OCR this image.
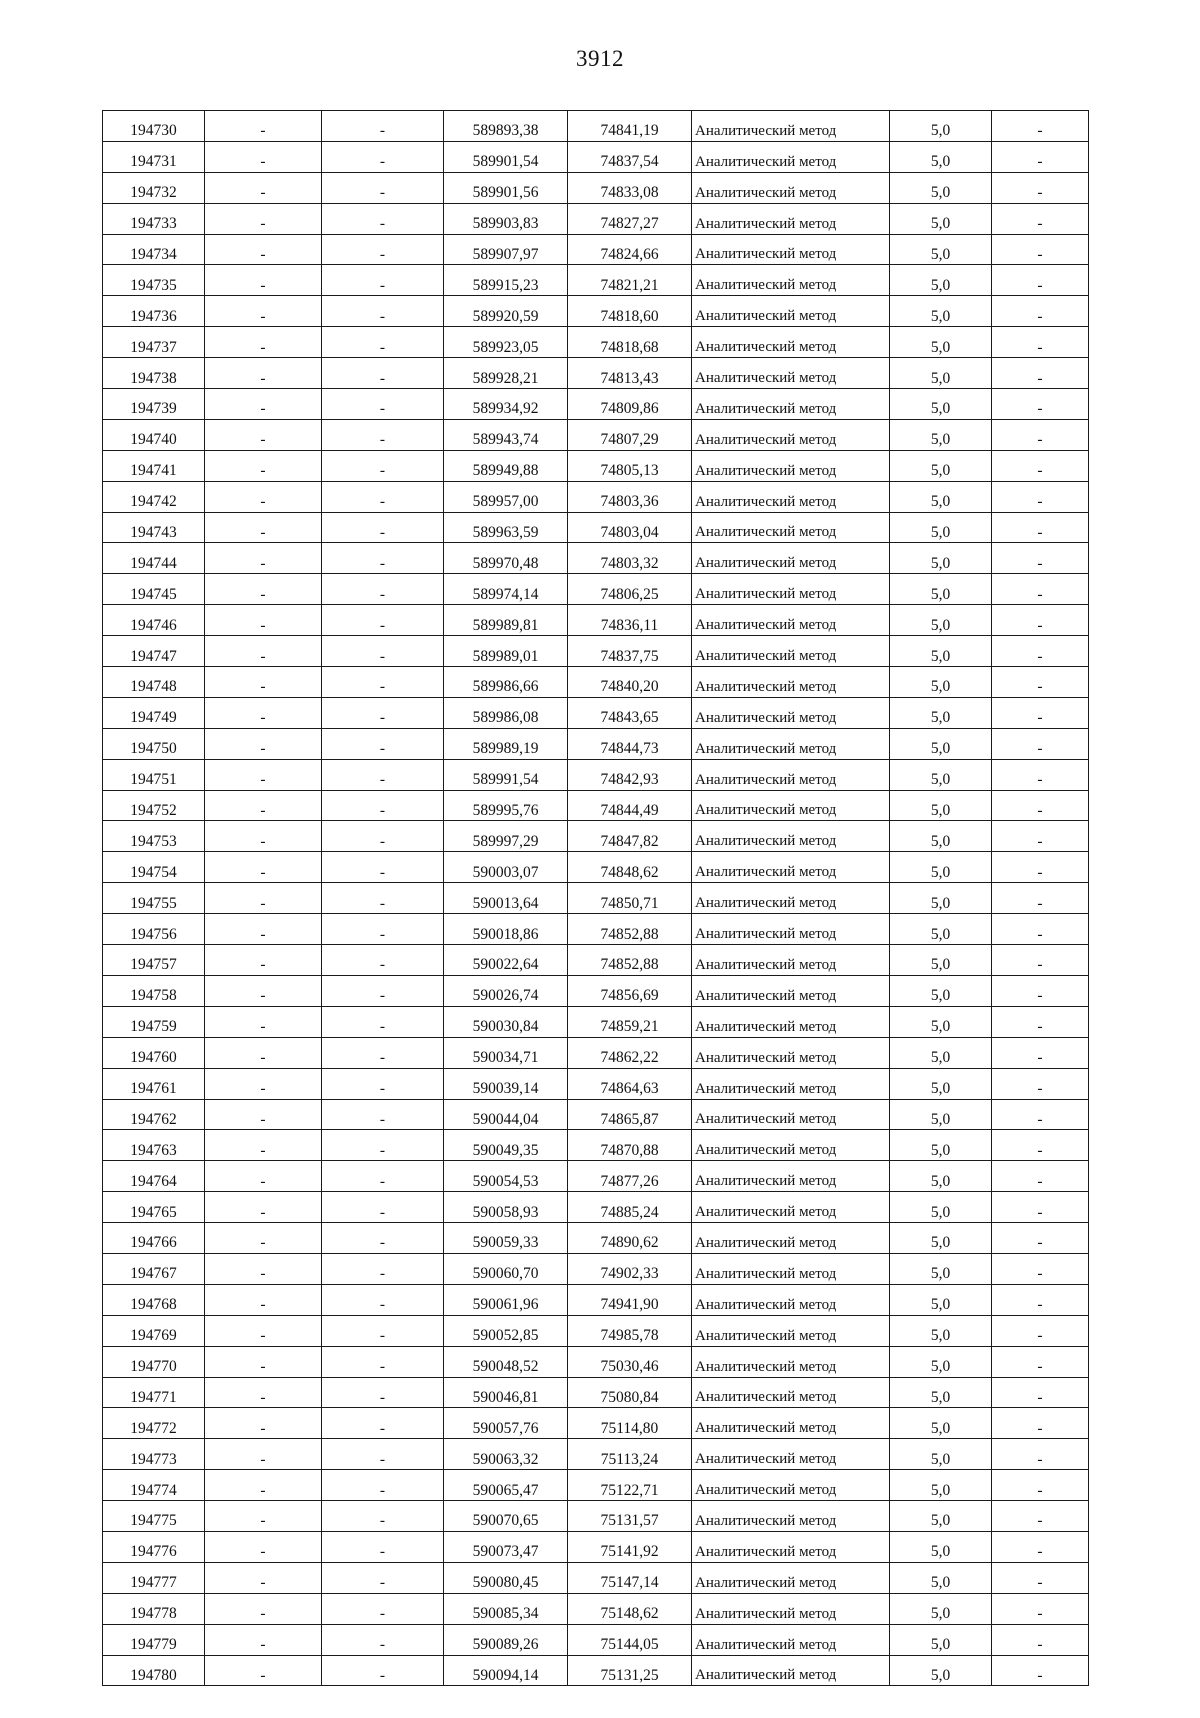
3912
194730	-	-	589893,38	74841,19	Аналитический метод	5,0	-
194731	-	-	589901,54	74837,54	Аналитический метод	5,0	-
194732	-	-	589901,56	74833,08	Аналитический метод	5,0	-
194733	-	-	589903,83	74827,27	Аналитический метод	5,0	-
194734	-	-	589907,97	74824,66	Аналитический метод	5,0	-
194735	-	-	589915,23	74821,21	Аналитический метод	5,0	-
194736	-	-	589920,59	74818,60	Аналитический метод	5,0	-
194737	-	-	589923,05	74818,68	Аналитический метод	5,0	-
194738	-	-	589928,21	74813,43	Аналитический метод	5,0	-
194739	-	-	589934,92	74809,86	Аналитический метод	5,0	-
194740	-	-	589943,74	74807,29	Аналитический метод	5,0	-
194741	-	-	589949,88	74805,13	Аналитический метод	5,0	-
194742	-	-	589957,00	74803,36	Аналитический метод	5,0	-
194743	-	-	589963,59	74803,04	Аналитический метод	5,0	-
194744	-	-	589970,48	74803,32	Аналитический метод	5,0	-
194745	-	-	589974,14	74806,25	Аналитический метод	5,0	-
194746	-	-	589989,81	74836,11	Аналитический метод	5,0	-
194747	-	-	589989,01	74837,75	Аналитический метод	5,0	-
194748	-	-	589986,66	74840,20	Аналитический метод	5,0	-
194749	-	-	589986,08	74843,65	Аналитический метод	5,0	-
194750	-	-	589989,19	74844,73	Аналитический метод	5,0	-
194751	-	-	589991,54	74842,93	Аналитический метод	5,0	-
194752	-	-	589995,76	74844,49	Аналитический метод	5,0	-
194753	-	-	589997,29	74847,82	Аналитический метод	5,0	-
194754	-	-	590003,07	74848,62	Аналитический метод	5,0	-
194755	-	-	590013,64	74850,71	Аналитический метод	5,0	-
194756	-	-	590018,86	74852,88	Аналитический метод	5,0	-
194757	-	-	590022,64	74852,88	Аналитический метод	5,0	-
194758	-	-	590026,74	74856,69	Аналитический метод	5,0	-
194759	-	-	590030,84	74859,21	Аналитический метод	5,0	-
194760	-	-	590034,71	74862,22	Аналитический метод	5,0	-
194761	-	-	590039,14	74864,63	Аналитический метод	5,0	-
194762	-	-	590044,04	74865,87	Аналитический метод	5,0	-
194763	-	-	590049,35	74870,88	Аналитический метод	5,0	-
194764	-	-	590054,53	74877,26	Аналитический метод	5,0	-
194765	-	-	590058,93	74885,24	Аналитический метод	5,0	-
194766	-	-	590059,33	74890,62	Аналитический метод	5,0	-
194767	-	-	590060,70	74902,33	Аналитический метод	5,0	-
194768	-	-	590061,96	74941,90	Аналитический метод	5,0	-
194769	-	-	590052,85	74985,78	Аналитический метод	5,0	-
194770	-	-	590048,52	75030,46	Аналитический метод	5,0	-
194771	-	-	590046,81	75080,84	Аналитический метод	5,0	-
194772	-	-	590057,76	75114,80	Аналитический метод	5,0	-
194773	-	-	590063,32	75113,24	Аналитический метод	5,0	-
194774	-	-	590065,47	75122,71	Аналитический метод	5,0	-
194775	-	-	590070,65	75131,57	Аналитический метод	5,0	-
194776	-	-	590073,47	75141,92	Аналитический метод	5,0	-
194777	-	-	590080,45	75147,14	Аналитический метод	5,0	-
194778	-	-	590085,34	75148,62	Аналитический метод	5,0	-
194779	-	-	590089,26	75144,05	Аналитический метод	5,0	-
194780	-	-	590094,14	75131,25	Аналитический метод	5,0	-
